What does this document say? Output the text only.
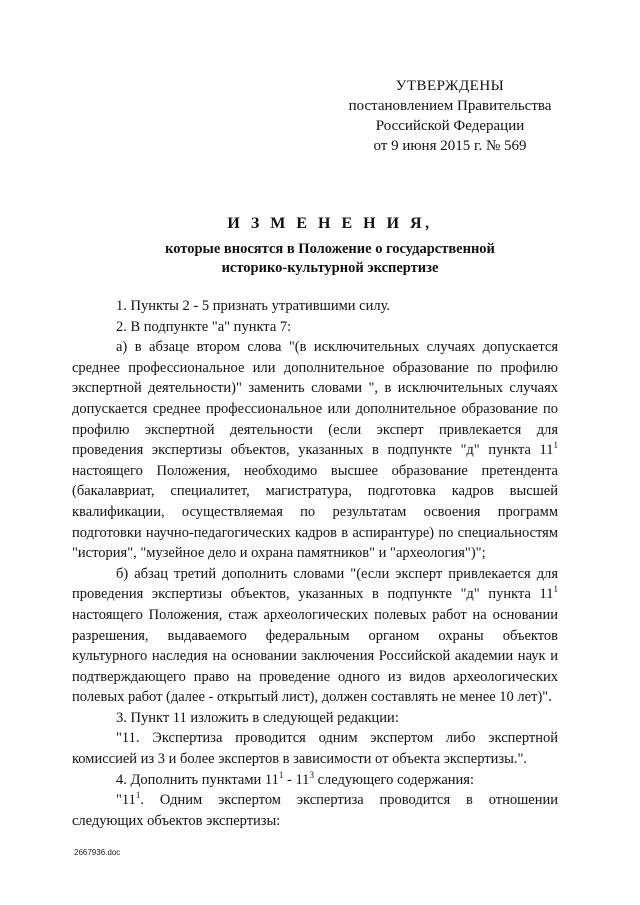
УТВЕРЖДЕНЫ
постановлением Правительства
Российской Федерации
от 9 июня 2015 г. № 569
И З М Е Н Е Н И Я,
которые вносятся в Положение о государственной
историко-культурной экспертизе

1. Пункты 2 - 5 признать утратившими силу.

2. В подпункте "а" пункта 7:

а) в абзаце втором слова "(в исключительных случаях допускается среднее профессиональное или дополнительное образование по профилю экспертной деятельности)" заменить словами ", в исключительных случаях допускается среднее профессиональное или дополнительное образование по профилю экспертной деятельности (если эксперт привлекается для проведения экспертизы объектов, указанных в подпункте "д" пункта $11^1$ настоящего Положения, необходимо высшее образование претендента (бакалавриат, специалитет, магистратура, подготовка кадров высшей квалификации, осуществляемая по результатам освоения программ подготовки научно-педагогических кадров в аспирантуре) по специальностям "история", "музейное дело и охрана памятников" и "археология")";

б) абзац третий дополнить словами "(если эксперт привлекается для проведения экспертизы объектов, указанных в подпункте "д" пункта $11^1$ настоящего Положения, стаж археологических полевых работ на основании разрешения, выдаваемого федеральным органом охраны объектов культурного наследия на основании заключения Российской академии наук и подтверждающего право на проведение одного из видов археологических полевых работ (далее - открытый лист), должен составлять не менее 10 лет)".

3. Пункт 11 изложить в следующей редакции:

"11. Экспертиза проводится одним экспертом либо экспертной комиссией из 3 и более экспертов в зависимости от объекта экспертизы.".

4. Дополнить пунктами $11^1 - 11^3$ следующего содержания:

"$11^1$. Одним экспертом экспертиза проводится в отношении следующих объектов экспертизы:

2667936.doc
